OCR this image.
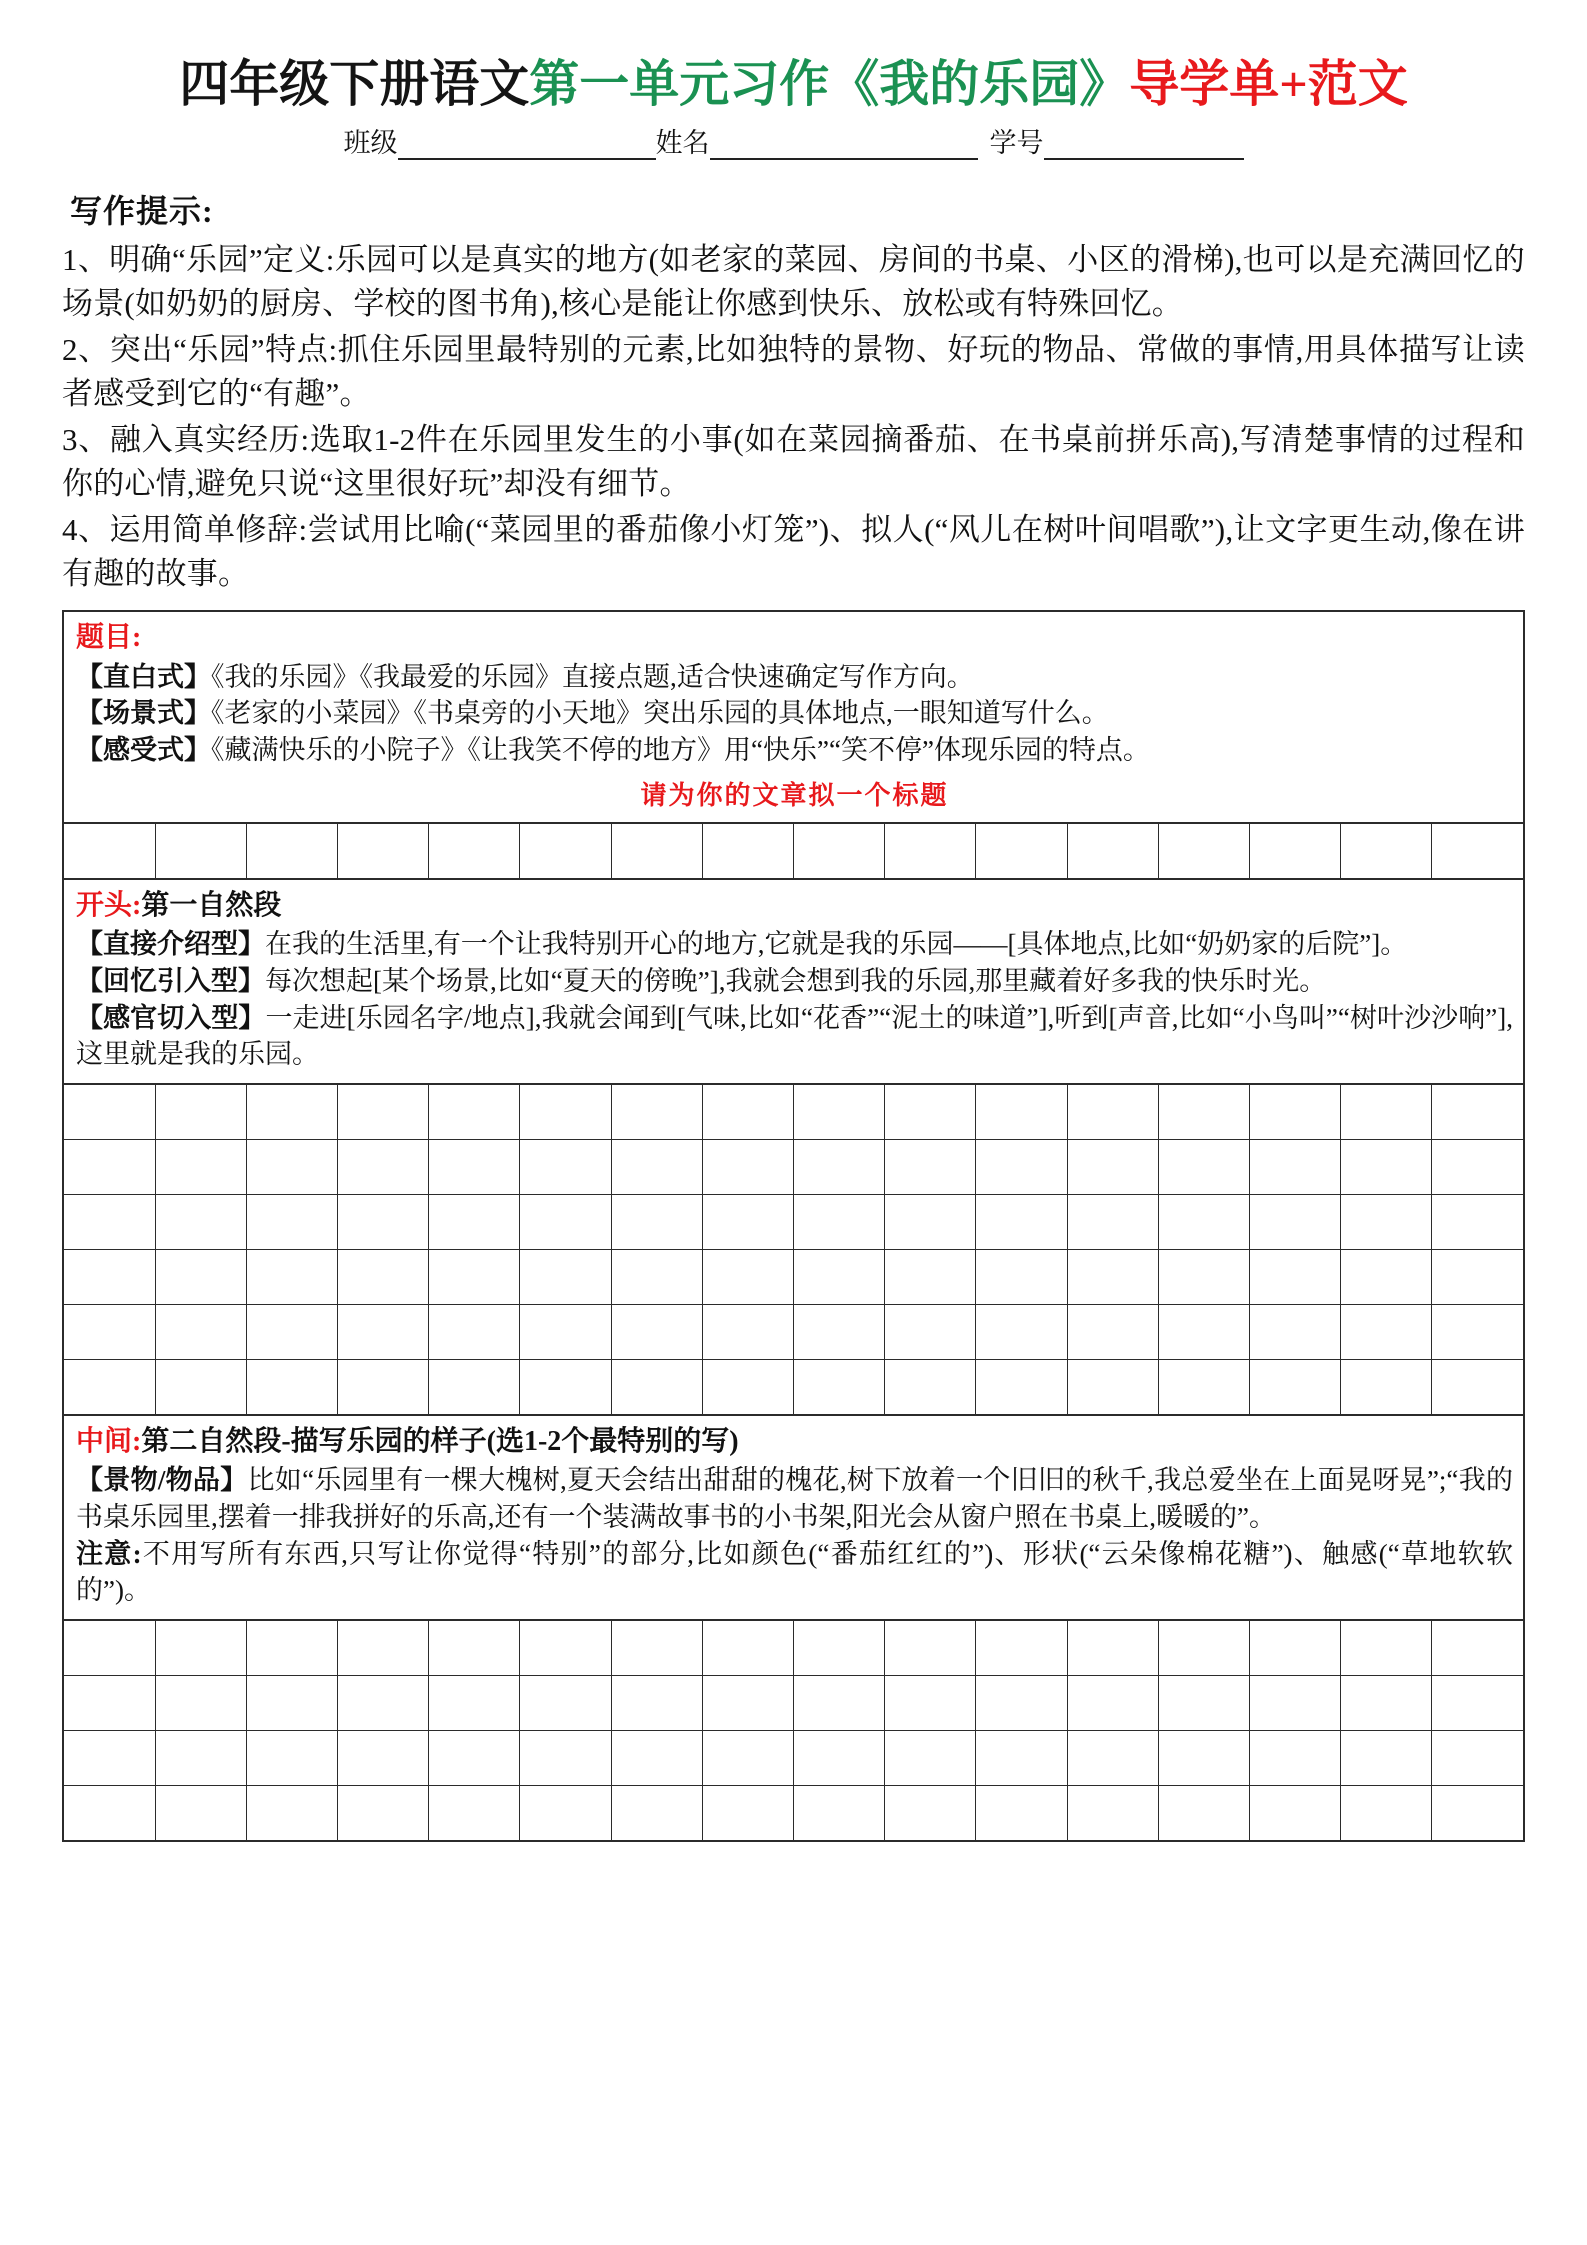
四年级下册语文第一单元习作《我的乐园》导学单+范文
班级	姓名	学号
写作提示:
1、明确“乐园”定义:乐园可以是真实的地方(如老家的菜园、房间的书桌、小区的滑梯),也可以是充满回忆的场景(如奶奶的厨房、学校的图书角),核心是能让你感到快乐、放松或有特殊回忆。
2、突出“乐园”特点:抓住乐园里最特别的元素,比如独特的景物、好玩的物品、常做的事情,用具体描写让读者感受到它的“有趣”。
3、融入真实经历:选取1-2件在乐园里发生的小事(如在菜园摘番茄、在书桌前拼乐高),写清楚事情的过程和你的心情,避免只说“这里很好玩”却没有细节。
4、运用简单修辞:尝试用比喻(“菜园里的番茄像小灯笼”)、拟人(“风儿在树叶间唱歌”),让文字更生动,像在讲有趣的故事。
题目:

【直白式】《我的乐园》《我最爱的乐园》直接点题,适合快速确定写作方向。

【场景式】《老家的小菜园》《书桌旁的小天地》突出乐园的具体地点,一眼知道写什么。

【感受式】《藏满快乐的小院子》《让我笑不停的地方》用“快乐”“笑不停”体现乐园的特点。

请为你的文章拟一个标题

开头:第一自然段

【直接介绍型】在我的生活里,有一个让我特别开心的地方,它就是我的乐园——[具体地点,比如“奶奶家的后院”]。

【回忆引入型】每次想起[某个场景,比如“夏天的傍晚”],我就会想到我的乐园,那里藏着好多我的快乐时光。

【感官切入型】一走进[乐园名字/地点],我就会闻到[气味,比如“花香”“泥土的味道”],听到[声音,比如“小鸟叫”“树叶沙沙响”],这里就是我的乐园。

中间:第二自然段-描写乐园的样子(选1-2个最特别的写)

【景物/物品】比如“乐园里有一棵大槐树,夏天会结出甜甜的槐花,树下放着一个旧旧的秋千,我总爱坐在上面晃呀晃”;“我的书桌乐园里,摆着一排我拼好的乐高,还有一个装满故事书的小书架,阳光会从窗户照在书桌上,暖暖的”。

注意:不用写所有东西,只写让你觉得“特别”的部分,比如颜色(“番茄红红的”)、形状(“云朵像棉花糖”)、触感(“草地软软的”)。
